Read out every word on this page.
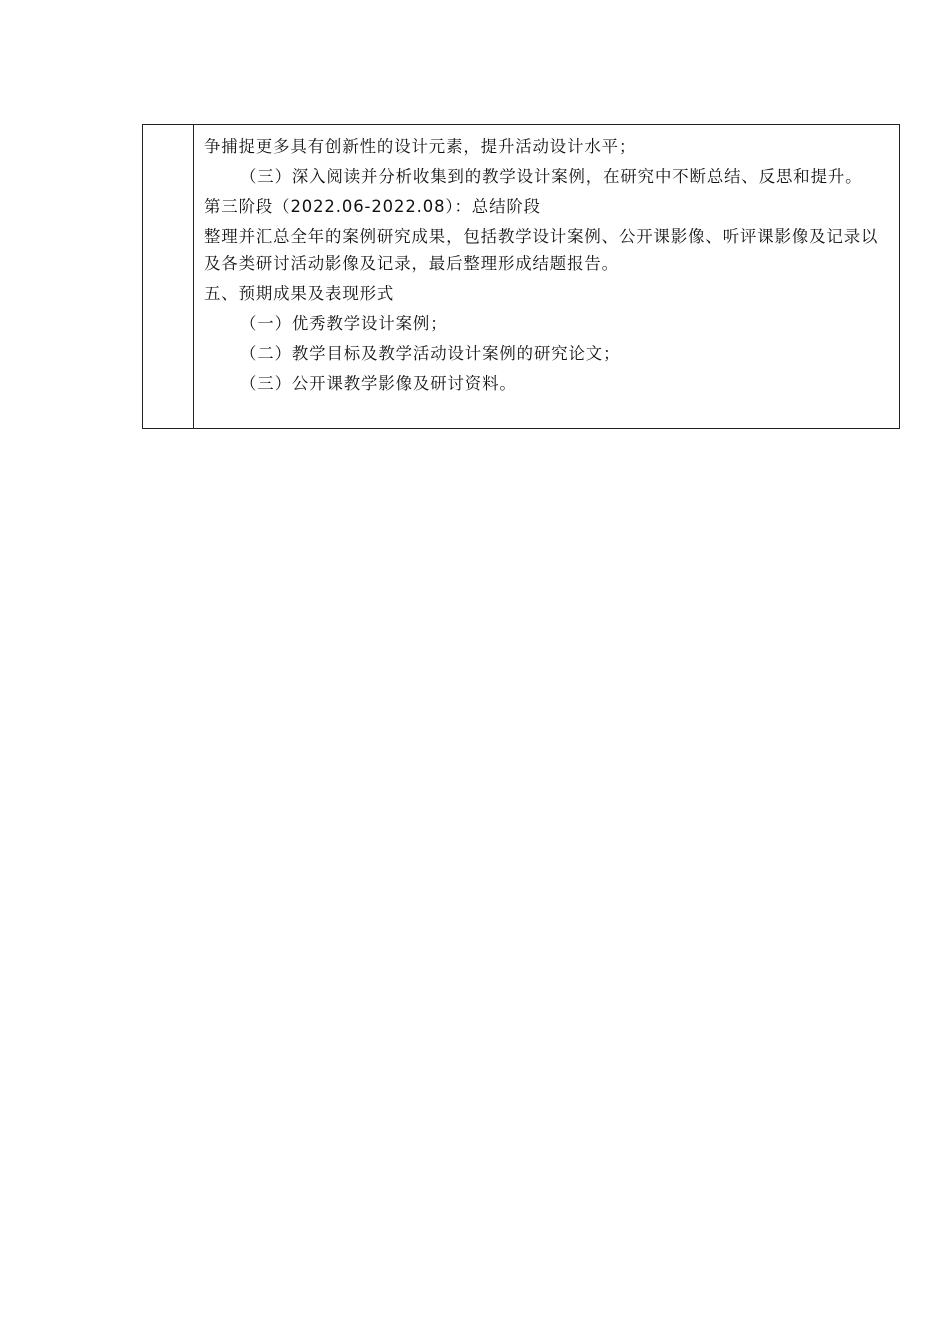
争捕捉更多具有创新性的设计元素，提升活动设计水平；

（三）深入阅读并分析收集到的教学设计案例，在研究中不断总结、反思和提升。

第三阶段（2022.06-2022.08）：总结阶段

整理并汇总全年的案例研究成果，包括教学设计案例、公开课影像、听评课影像及记录以及各类研讨活动影像及记录，最后整理形成结题报告。

五、预期成果及表现形式

（一）优秀教学设计案例；

（二）教学目标及教学活动设计案例的研究论文；

（三）公开课教学影像及研讨资料。
